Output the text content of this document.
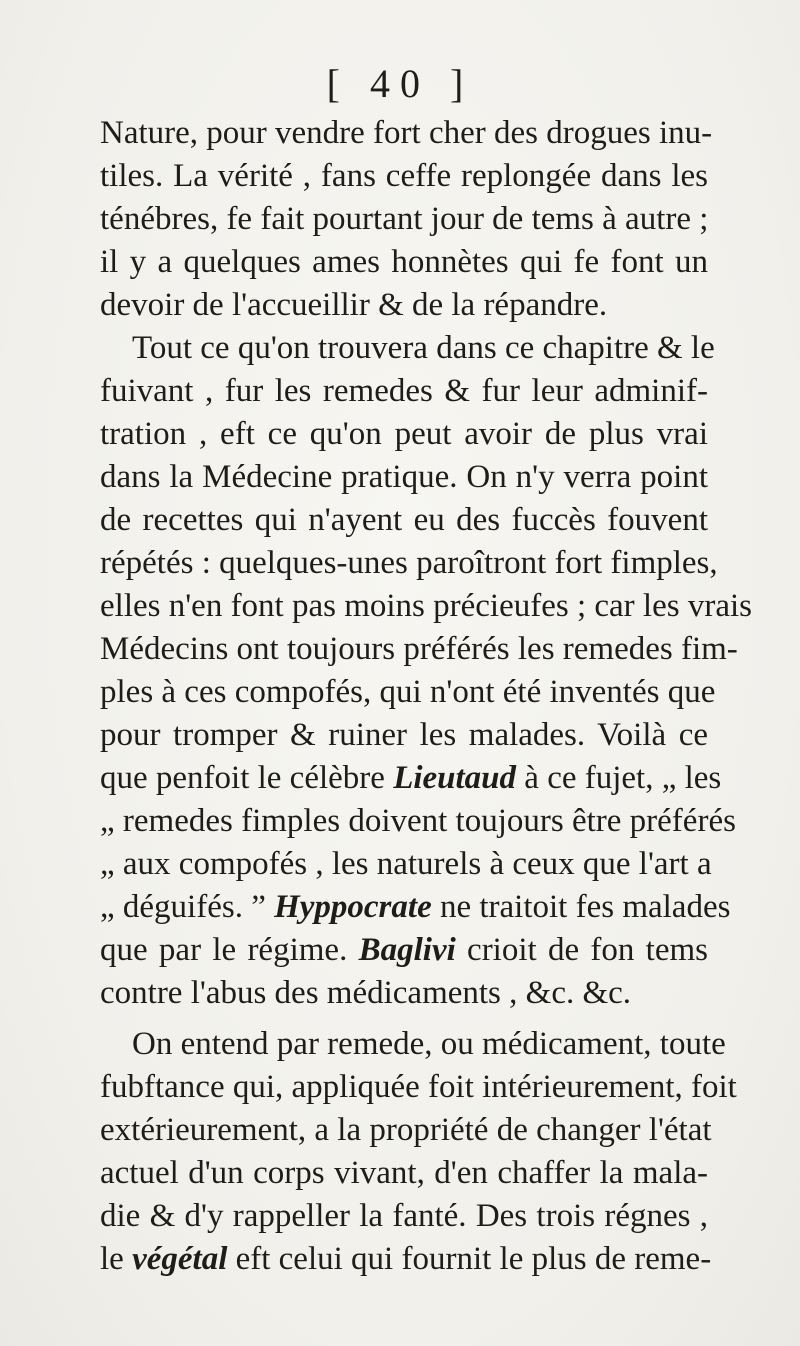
[ 40 ]
Nature, pour vendre fort cher des drogues inu-
tiles. La vérité , fans ceffe replongée dans les
ténébres, fe fait pourtant jour de tems à autre ;
il y a quelques ames honnètes qui fe font un
devoir de l'accueillir & de la répandre.
Tout ce qu'on trouvera dans ce chapitre & le
fuivant , fur les remedes & fur leur adminif-
tration , eft ce qu'on peut avoir de plus vrai
dans la Médecine pratique. On n'y verra point
de recettes qui n'ayent eu des fuccès fouvent
répétés : quelques-unes paroîtront fort fimples,
elles n'en font pas moins précieufes ; car les vrais
Médecins ont toujours préférés les remedes fim-
ples à ces compofés, qui n'ont été inventés que
pour tromper & ruiner les malades. Voilà ce
que penfoit le célèbre Lieutaud à ce fujet, „ les
„ remedes fimples doivent toujours être préférés
„ aux compofés , les naturels à ceux que l'art a
„ déguifés. ” Hyppocrate ne traitoit fes malades
que par le régime. Baglivi crioit de fon tems
contre l'abus des médicaments , &c. &c.
On entend par remede, ou médicament, toute
fubftance qui, appliquée foit intérieurement, foit
extérieurement, a la propriété de changer l'état
actuel d'un corps vivant, d'en chaffer la mala-
die & d'y rappeller la fanté. Des trois régnes ,
le végétal eft celui qui fournit le plus de reme-
